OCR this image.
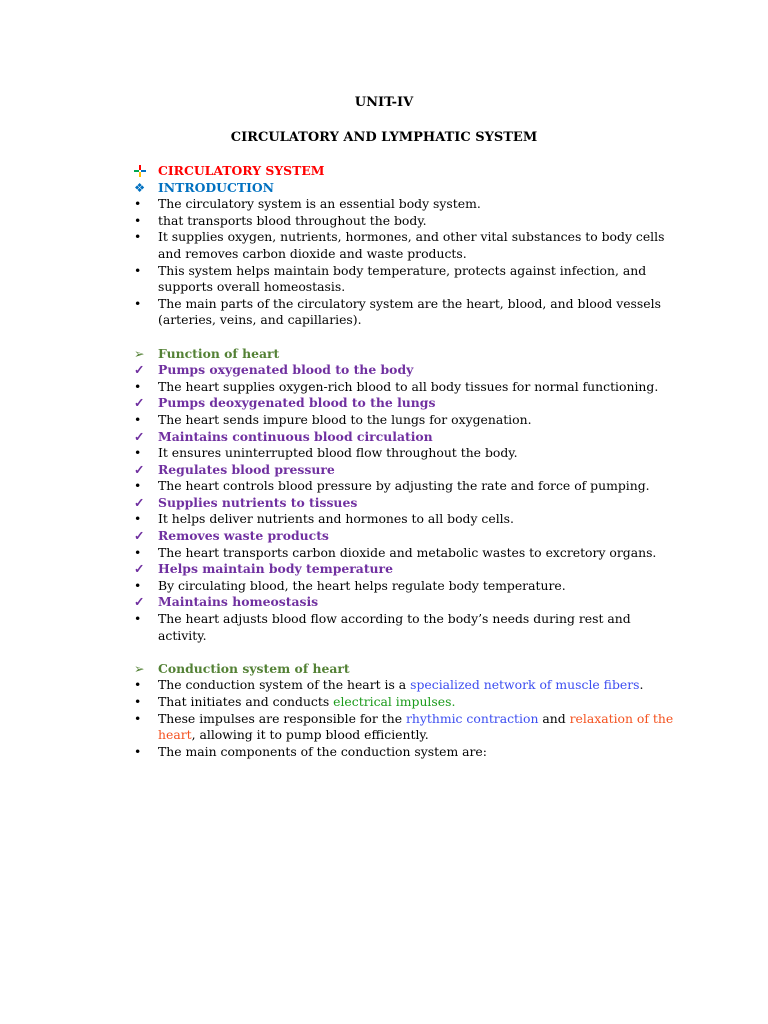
UNIT-IV
CIRCULATORY AND LYMPHATIC SYSTEM
CIRCULATORY SYSTEM
❖	INTRODUCTION
•	The circulatory system is an essential body system.
•	that transports blood throughout the body.
•	It supplies oxygen, nutrients, hormones, and other vital substances to body cells and removes carbon dioxide and waste products.
•	This system helps maintain body temperature, protects against infection, and supports overall homeostasis.
•	The main parts of the circulatory system are the heart, blood, and blood vessels (arteries, veins, and capillaries).
➢	Function of heart
✓	Pumps oxygenated blood to the body
•	The heart supplies oxygen-rich blood to all body tissues for normal functioning.
✓	Pumps deoxygenated blood to the lungs
•	The heart sends impure blood to the lungs for oxygenation.
✓	Maintains continuous blood circulation
•	It ensures uninterrupted blood flow throughout the body.
✓	Regulates blood pressure
•	The heart controls blood pressure by adjusting the rate and force of pumping.
✓	Supplies nutrients to tissues
•	It helps deliver nutrients and hormones to all body cells.
✓	Removes waste products
•	The heart transports carbon dioxide and metabolic wastes to excretory organs.
✓	Helps maintain body temperature
•	By circulating blood, the heart helps regulate body temperature.
✓	Maintains homeostasis
•	The heart adjusts blood flow according to the body’s needs during rest and activity.
➢	Conduction system of heart
•	The conduction system of the heart is a specialized network of muscle fibers.
•	That initiates and conducts electrical impulses.
•	These impulses are responsible for the rhythmic contraction and relaxation of the heart, allowing it to pump blood efficiently.
•	The main components of the conduction system are:
